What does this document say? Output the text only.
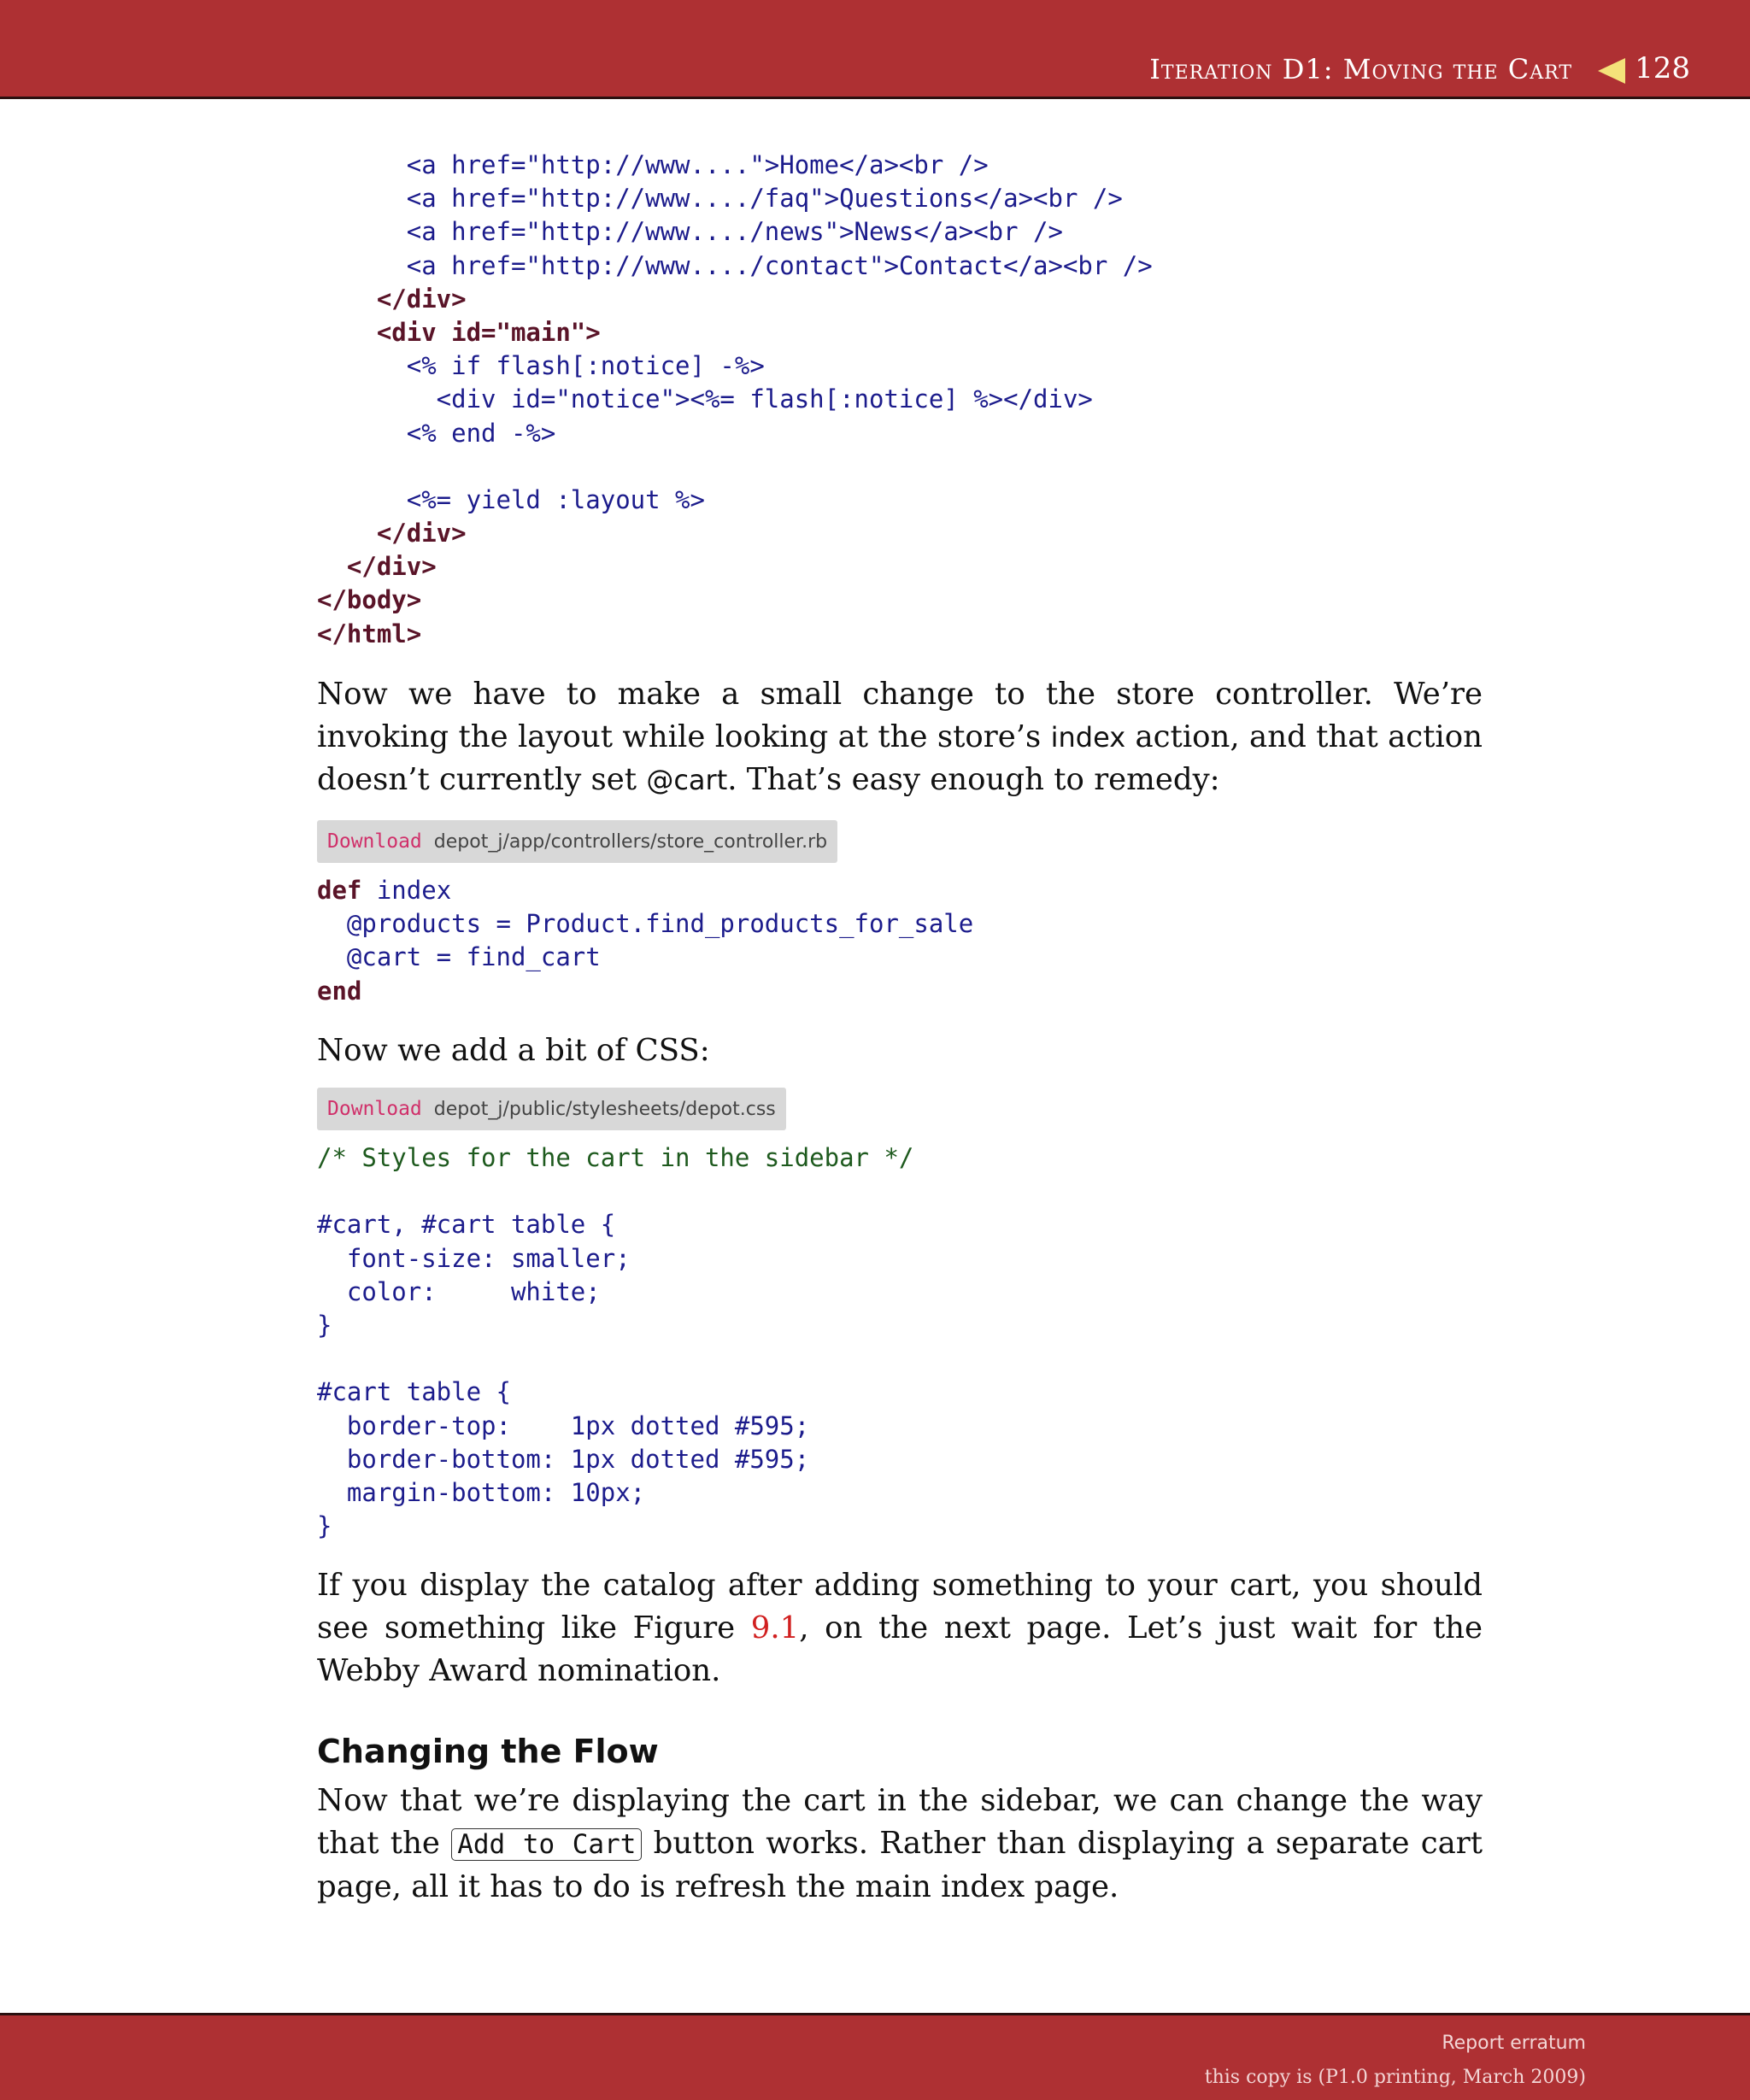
Iteration D1: Moving the Cart 128
<a href="http://www....">Home</a><br />
<a href="http://www..../faq">Questions</a><br />
<a href="http://www..../news">News</a><br />
<a href="http://www..../contact">Contact</a><br />
</div>
<div id="main">
<% if flash[:notice] -%>
<div id="notice"><%= flash[:notice] %></div>
<% end -%>
<%= yield :layout %>
</div>
</div>
</body>
</html>

Now we have to make a small change to the store controller. We’re invoking the layout while looking at the store’s index action, and that action doesn’t currently set @cart. That’s easy enough to remedy:

Download depot_j/app/controllers/store_controller.rb
def index
@products = Product.find_products_for_sale
@cart = find_cart
end

Now we add a bit of CSS:

Download depot_j/public/stylesheets/depot.css
/* Styles for the cart in the sidebar */
#cart, #cart table {
font-size: smaller;
color:     white;
}
#cart table {
border-top:    1px dotted #595;
border-bottom: 1px dotted #595;
margin-bottom: 10px;
}

If you display the catalog after adding something to your cart, you should see something like Figure 9.1, on the next page. Let’s just wait for the Webby Award nomination.

Changing the Flow

Now that we’re displaying the cart in the sidebar, we can change the way that the Add to Cart button works. Rather than displaying a separate cart page, all it has to do is refresh the main index page.

Report erratum
this copy is (P1.0 printing, March 2009)
